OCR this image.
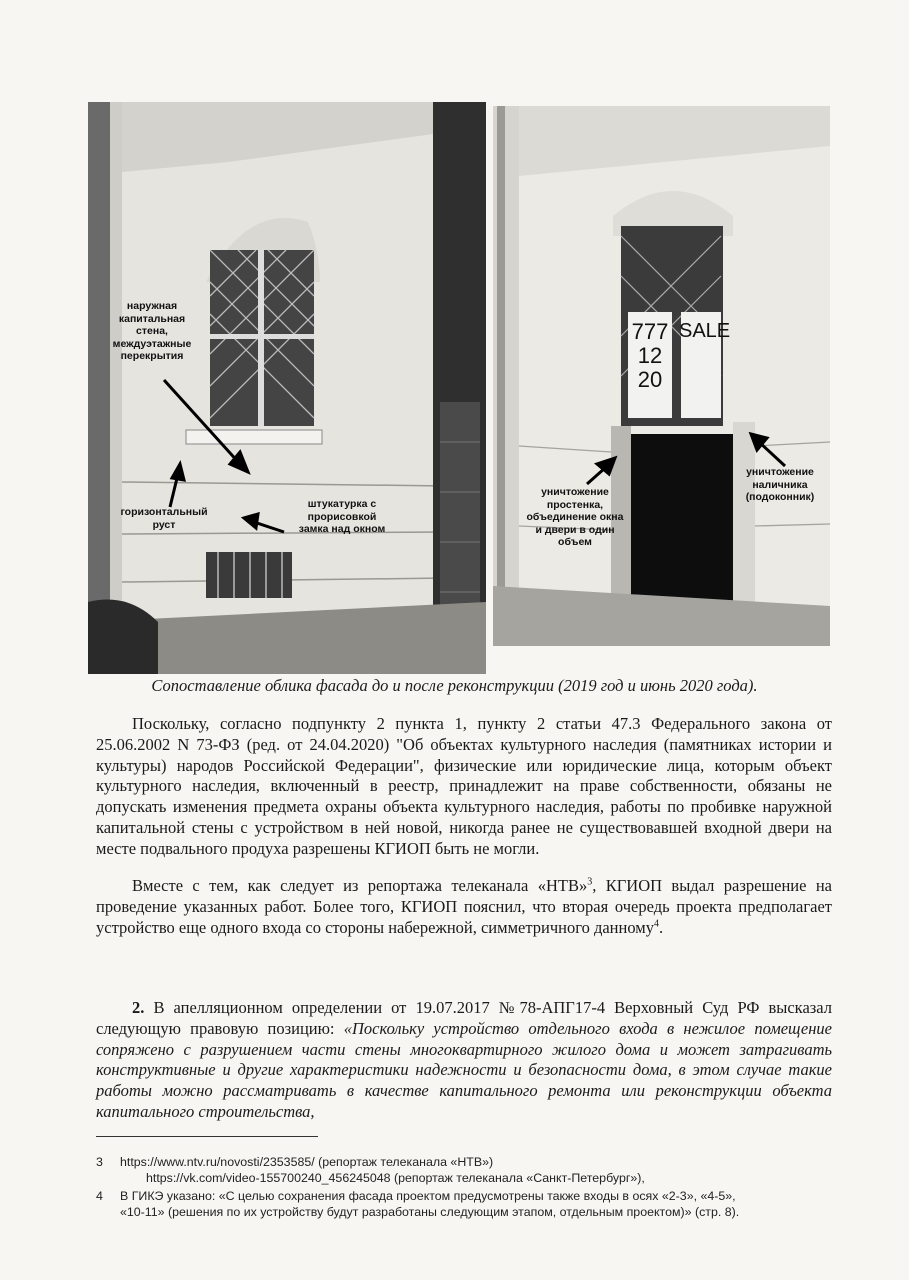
наружная капитальная стена, междуэтажные перекрытия
горизонтальный руст
штукатурка с прорисовкой замка над окном
777 12 20
SALE
уничтожение простенка, объединение окна и двери в один объем
уничтожение наличника (подоконник)
Сопоставление облика фасада до и после реконструкции (2019 год и июнь 2020 года).
Поскольку, согласно подпункту 2 пункта 1, пункту 2 статьи 47.3 Федерального закона от 25.06.2002 N 73-ФЗ (ред. от 24.04.2020) "Об объектах культурного наследия (памятниках истории и культуры) народов Российской Федерации", физические или юридические лица, которым объект культурного наследия, включенный в реестр, принадлежит на праве собственности, обязаны не допускать изменения предмета охраны объекта культурного наследия, работы по пробивке наружной капитальной стены с устройством в ней новой, никогда ранее не существовавшей входной двери на месте подвального продуха разрешены КГИОП быть не могли.
Вместе с тем, как следует из репортажа телеканала «НТВ»$^3$, КГИОП выдал разрешение на проведение указанных работ. Более того, КГИОП пояснил, что вторая очередь проекта предполагает устройство еще одного входа со стороны набережной, симметричного данному$^4$.
2. В апелляционном определении от 19.07.2017 №78-АПГ17-4 Верховный Суд РФ высказал следующую правовую позицию: «Поскольку устройство отдельного входа в нежилое помещение сопряжено с разрушением части стены многоквартирного жилого дома и может затрагивать конструктивные и другие характеристики надежности и безопасности дома, в этом случае такие работы можно рассматривать в качестве капитального ремонта или реконструкции объекта капитального строительства,
3 https://www.ntv.ru/novosti/2353585/ (репортаж телеканала «НТВ»)
https://vk.com/video-155700240_456245048 (репортаж телеканала «Санкт-Петербург»),
4 В ГИКЭ указано: «С целью сохранения фасада проектом предусмотрены также входы в осях «2-3», «4-5»,
«10-11» (решения по их устройству будут разработаны следующим этапом, отдельным проектом)» (стр. 8).
